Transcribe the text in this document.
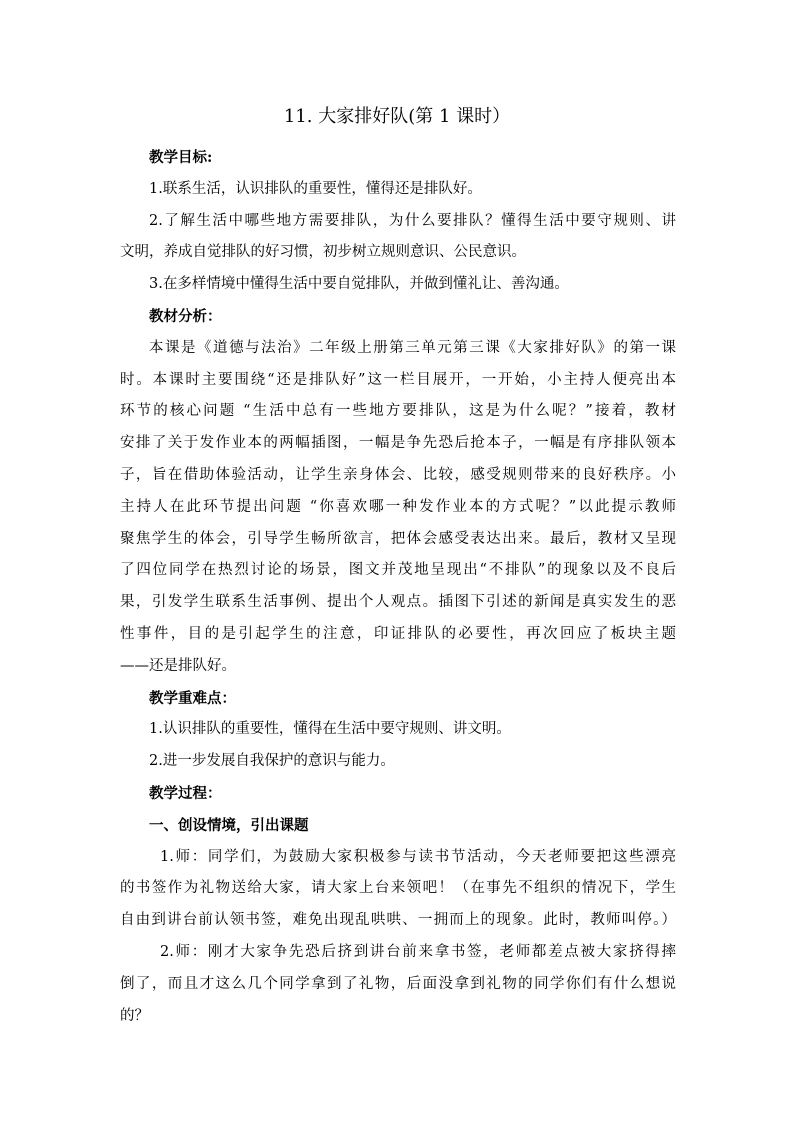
11. 大家排好队(第 1 课时）
教学目标:
1.联系生活，认识排队的重要性，懂得还是排队好。
2.了解生活中哪些地方需要排队，为什么要排队？懂得生活中要守规则、讲
文明，养成自觉排队的好习惯，初步树立规则意识、公民意识。
3.在多样情境中懂得生活中要自觉排队，并做到懂礼让、善沟通。
教材分析：
本课是《道德与法治》二年级上册第三单元第三课《大家排好队》的第一课
时。本课时主要围绕“还是排队好”这一栏目展开，一开始，小主持人便亮出本
环节的核心问题 “生活中总有一些地方要排队，这是为什么呢？”接着，教材
安排了关于发作业本的两幅插图，一幅是争先恐后抢本子，一幅是有序排队领本
子，旨在借助体验活动，让学生亲身体会、比较，感受规则带来的良好秩序。小
主持人在此环节提出问题 “你喜欢哪一种发作业本的方式呢？”以此提示教师
聚焦学生的体会，引导学生畅所欲言，把体会感受表达出来。最后，教材又呈现
了四位同学在热烈讨论的场景，图文并茂地呈现出“不排队”的现象以及不良后
果，引发学生联系生活事例、提出个人观点。插图下引述的新闻是真实发生的恶
性事件，目的是引起学生的注意，印证排队的必要性，再次回应了板块主题
——还是排队好。
教学重难点：
1.认识排队的重要性，懂得在生活中要守规则、讲文明。
2.进一步发展自我保护的意识与能力。
教学过程：
一、创设情境，引出课题
1.师：同学们，为鼓励大家积极参与读书节活动，今天老师要把这些漂亮
的书签作为礼物送给大家，请大家上台来领吧！（在事先不组织的情况下，学生
自由到讲台前认领书签，难免出现乱哄哄、一拥而上的现象。此时，教师叫停。）
2.师：刚才大家争先恐后挤到讲台前来拿书签，老师都差点被大家挤得摔
倒了，而且才这么几个同学拿到了礼物，后面没拿到礼物的同学你们有什么想说
的？
